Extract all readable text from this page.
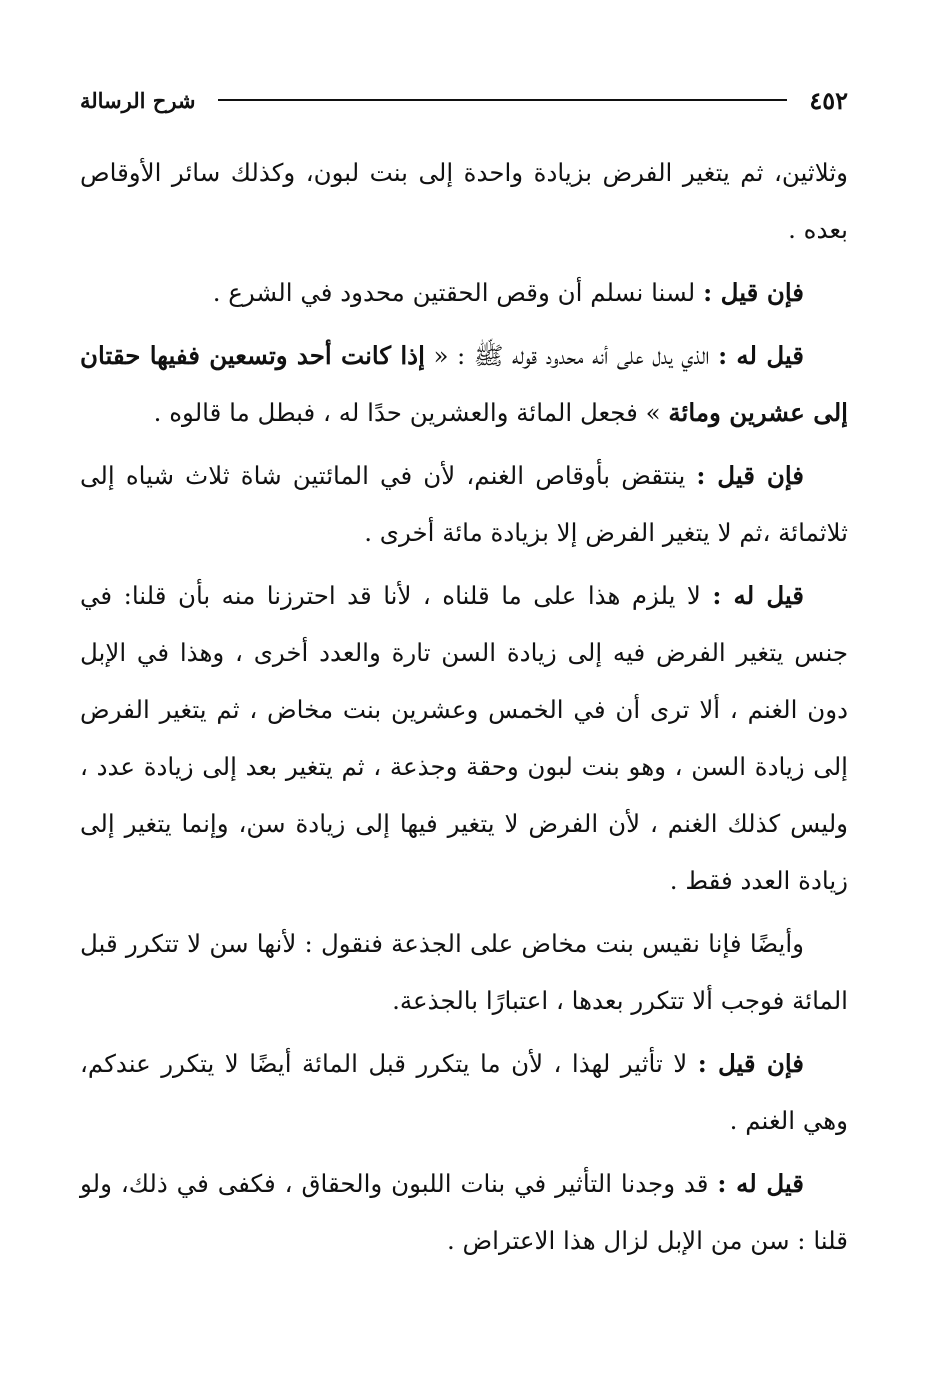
٤٥٢
شرح الرسالة

وثلاثين، ثم يتغير الفرض بزيادة واحدة إلى بنت لبون، وكذلك سائر الأوقاص بعده .

فإن قيل : لسنا نسلم أن وقص الحقتين محدود في الشرع .

قيل له : الذي يدل على أنه محدود قوله ﷺ : « إذا كانت أحد وتسعين ففيها حقتان إلى عشرين ومائة » فجعل المائة والعشرين حدًا له ، فبطل ما قالوه .

فإن قيل : ينتقض بأوقاص الغنم، لأن في المائتين شاة ثلاث شياه إلى ثلاثمائة ،ثم لا يتغير الفرض إلا بزيادة مائة أخرى .

قيل له : لا يلزم هذا على ما قلناه ، لأنا قد احترزنا منه بأن قلنا: في جنس يتغير الفرض فيه إلى زيادة السن تارة والعدد أخرى ، وهذا في الإبل دون الغنم ، ألا ترى أن في الخمس وعشرين بنت مخاض ، ثم يتغير الفرض إلى زيادة السن ، وهو بنت لبون وحقة وجذعة ، ثم يتغير بعد إلى زيادة عدد ، وليس كذلك الغنم ، لأن الفرض لا يتغير فيها إلى زيادة سن، وإنما يتغير إلى زيادة العدد فقط .

وأيضًا فإنا نقيس بنت مخاض على الجذعة فنقول : لأنها سن لا تتكرر قبل المائة فوجب ألا تتكرر بعدها ، اعتبارًا بالجذعة.

فإن قيل : لا تأثير لهذا ، لأن ما يتكرر قبل المائة أيضًا لا يتكرر عندكم، وهي الغنم .

قيل له : قد وجدنا التأثير في بنات اللبون والحقاق ، فكفى في ذلك، ولو قلنا : سن من الإبل لزال هذا الاعتراض .
